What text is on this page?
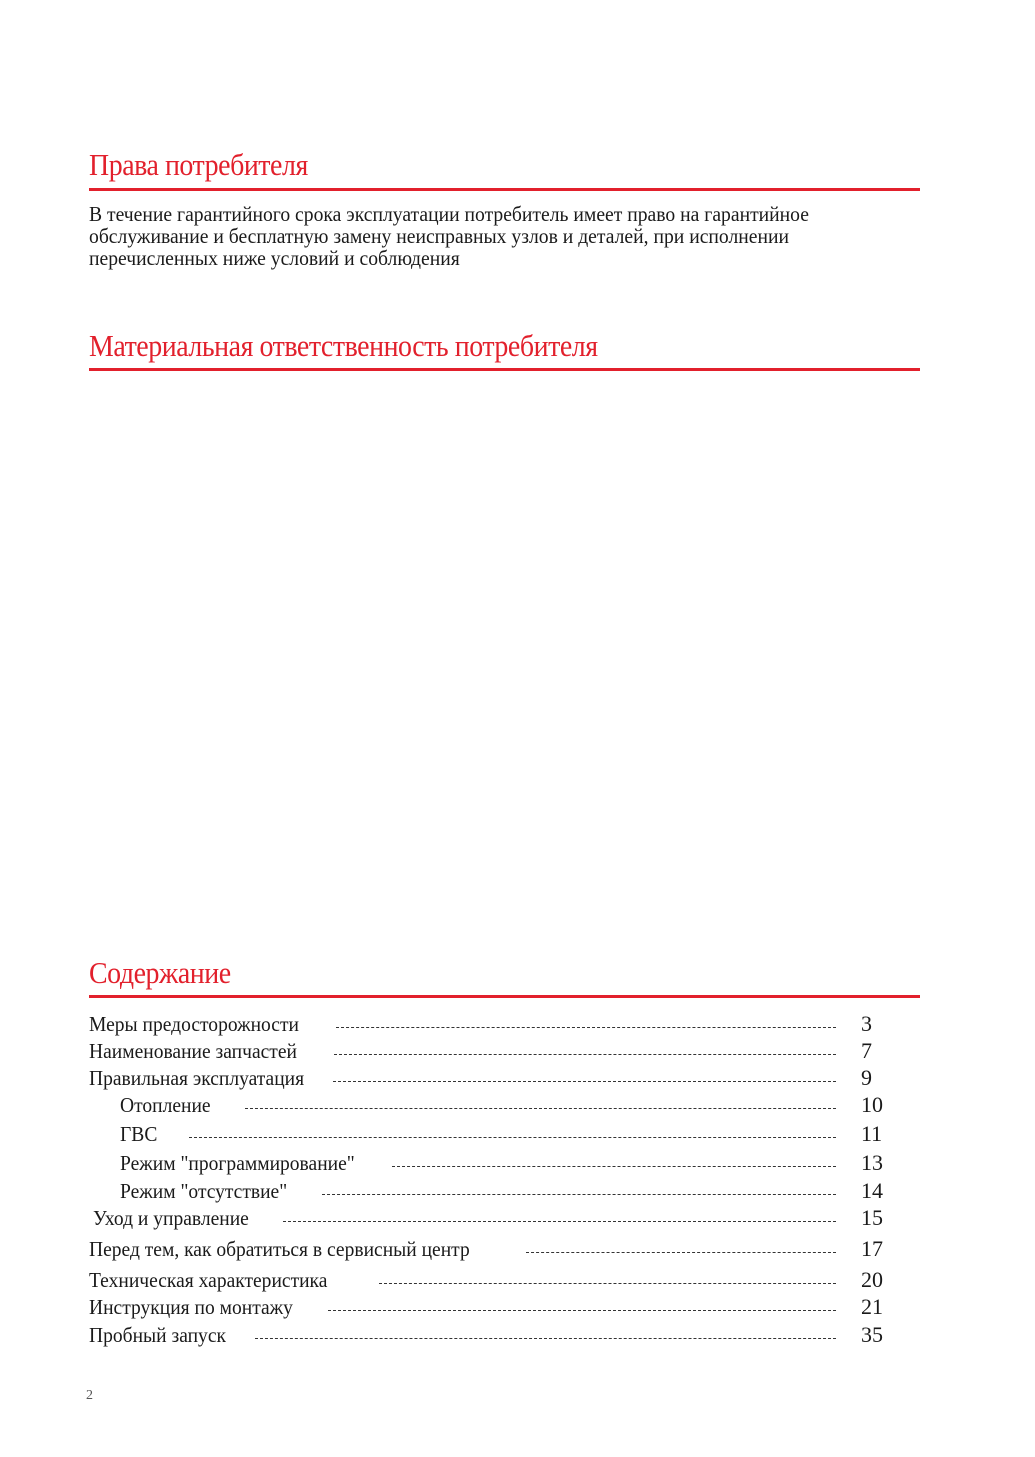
Права потребителя
В течение гарантийного срока эксплуатации потребитель имеет право на гарантийное
обслуживание и бесплатную замену неисправных узлов и деталей, при исполнении
перечисленных ниже условий и соблюдения
Материальная ответственность потребителя
Содержание
Меры предосторожности	3
Наименование запчастей	7
Правильная эксплуатация	9
Отопление	10
ГВС	11
Режим "программирование"	13
Режим "отсутствие"	14
Уход и управление	15
Перед тем, как обратиться в сервисный центр	17
Техническая характеристика	20
Инструкция по монтажу	21
Пробный запуск	35
2
